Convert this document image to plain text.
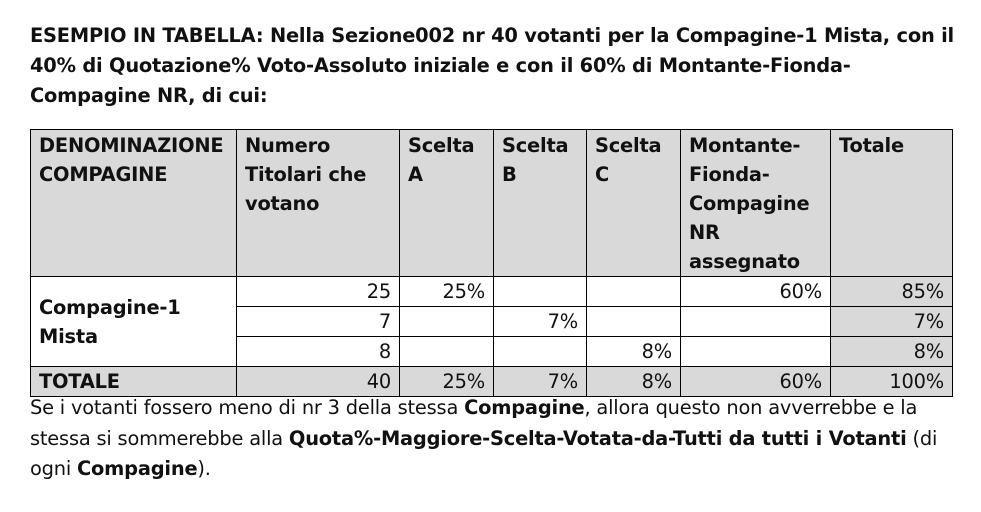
ESEMPIO IN TABELLA: Nella Sezione002 nr 40 votanti per la Compagine-1 Mista, con il 40% di Quotazione% Voto-Assoluto iniziale e con il 60% di Montante-Fionda-Compagine NR, di cui:

DENOMINAZIONE COMPAGINE	Numero Titolari che votano	Scelta A	Scelta B	Scelta C	Montante-Fionda-Compagine NR assegnato	Totale
Compagine-1 Mista	25	25%			60%	85%
	7		7%			7%
	8			8%		8%
TOTALE	40	25%	7%	8%	60%	100%

Se i votanti fossero meno di nr 3 della stessa Compagine, allora questo non avverrebbe e la stessa si sommerebbe alla Quota%-Maggiore-Scelta-Votata-da-Tutti da tutti i Votanti (di ogni Compagine).
